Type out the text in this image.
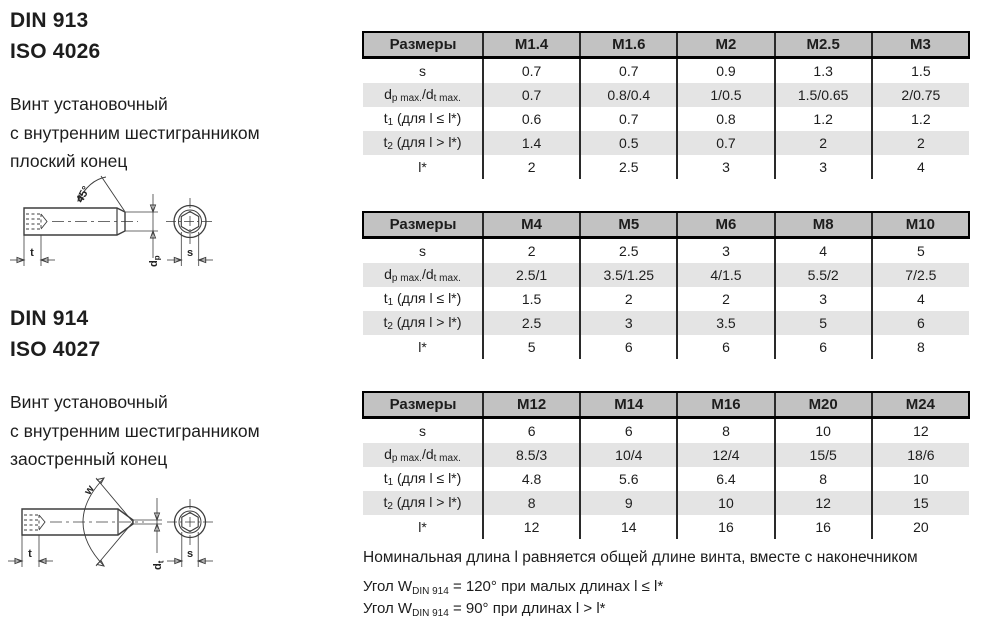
DIN 913
ISO 4026
Винт установочный
с внутренним шестигранником
плоский конец
45°
$d_p$
t	s
DIN 914
ISO 4027
Винт установочный
с внутренним шестигранником
заостренный конец
w
$d_t$
t	s
Размеры	M1.4	M1.6	M2	M2.5	M3
s	0.7	0.7	0.9	1.3	1.5
$d_{p max.}/d_{t max.}$	0.7	0.8/0.4	1/0.5	1.5/0.65	2/0.75
$t_1$ (для l ≤ l*)	0.6	0.7	0.8	1.2	1.2
$t_2$ (для l > l*)	1.4	0.5	0.7	2	2
l*	2	2.5	3	3	4
Размеры	M4	M5	M6	M8	M10
s	2	2.5	3	4	5
$d_{p max.}/d_{t max.}$	2.5/1	3.5/1.25	4/1.5	5.5/2	7/2.5
$t_1$ (для l ≤ l*)	1.5	2	2	3	4
$t_2$ (для l > l*)	2.5	3	3.5	5	6
l*	5	6	6	6	8
Размеры	M12	M14	M16	M20	M24
s	6	6	8	10	12
$d_{p max.}/d_{t max.}$	8.5/3	10/4	12/4	15/5	18/6
$t_1$ (для l ≤ l*)	4.8	5.6	6.4	8	10
$t_2$ (для l > l*)	8	9	10	12	15
l*	12	14	16	16	20
Номинальная длина l равняется общей длине винта, вместе с наконечником
Угол $W_{DIN 914} = 120^\circ$ при малых длинах l ≤ l*
Угол $W_{DIN 914} = 90^\circ$ при длинах l > l*
